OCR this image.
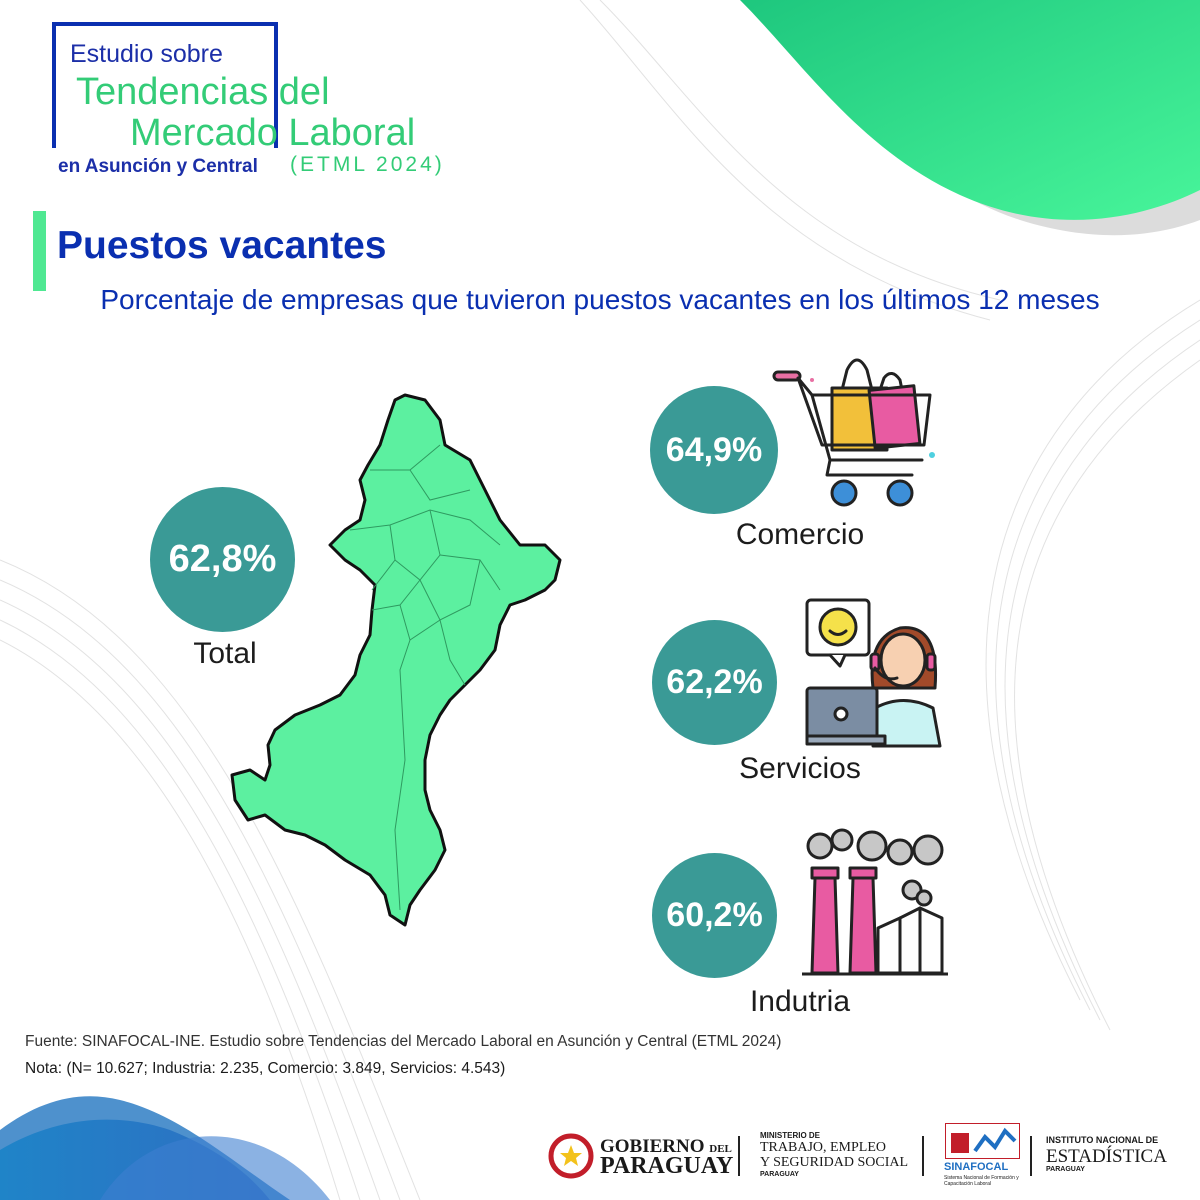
Estudio sobre
Tendencias del
Mercado Laboral
en Asunción y Central (ETML 2024)
Puestos vacantes
Porcentaje de empresas que tuvieron puestos vacantes en los últimos 12 meses
62,8%
Total
64,9%
Comercio
62,2%
Servicios
60,2%
Indutria
Fuente: SINAFOCAL-INE. Estudio sobre Tendencias del Mercado Laboral en Asunción y Central (ETML 2024)
Nota: (N= 10.627; Industria: 2.235, Comercio: 3.849, Servicios: 4.543)
GOBIERNO DEL
PARAGUAY
MINISTERIO DE
TRABAJO, EMPLEO
Y SEGURIDAD SOCIAL
PARAGUAY
SINAFOCAL
Sistema Nacional de Formación y Capacitación Laboral
INSTITUTO NACIONAL DE
ESTADÍSTICA
PARAGUAY
